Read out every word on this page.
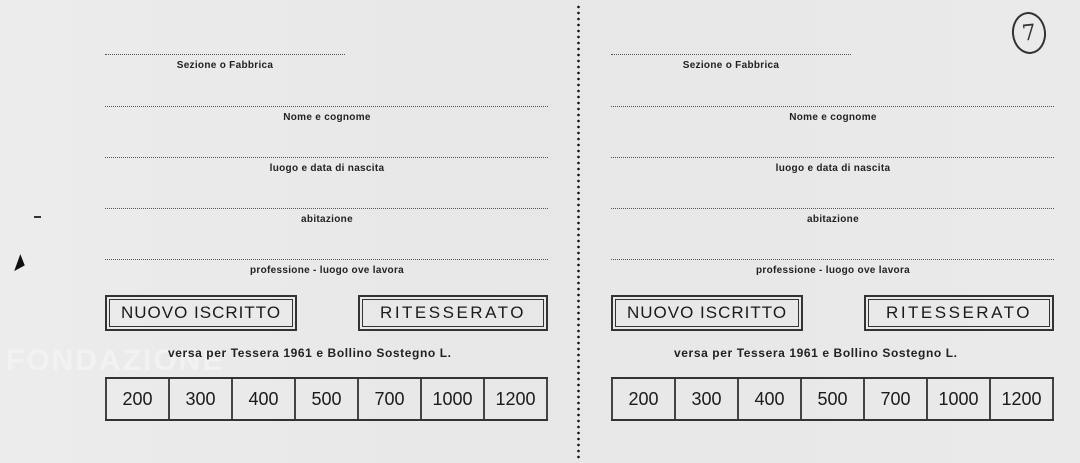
FONDAZIONE
Sezione o Fabbrica
Nome e cognome
luogo e data di nascita
abitazione
professione - luogo ove lavora
NUOVO ISCRITTO	RITESSERATO
versa per Tessera 1961 e Bollino Sostegno L.
200	300	400	500	700	1000	1200
Sezione o Fabbrica
Nome e cognome
luogo e data di nascita
abitazione
professione - luogo ove lavora
NUOVO ISCRITTO	RITESSERATO
versa per Tessera 1961 e Bollino Sostegno L.
200	300	400	500	700	1000	1200
7
